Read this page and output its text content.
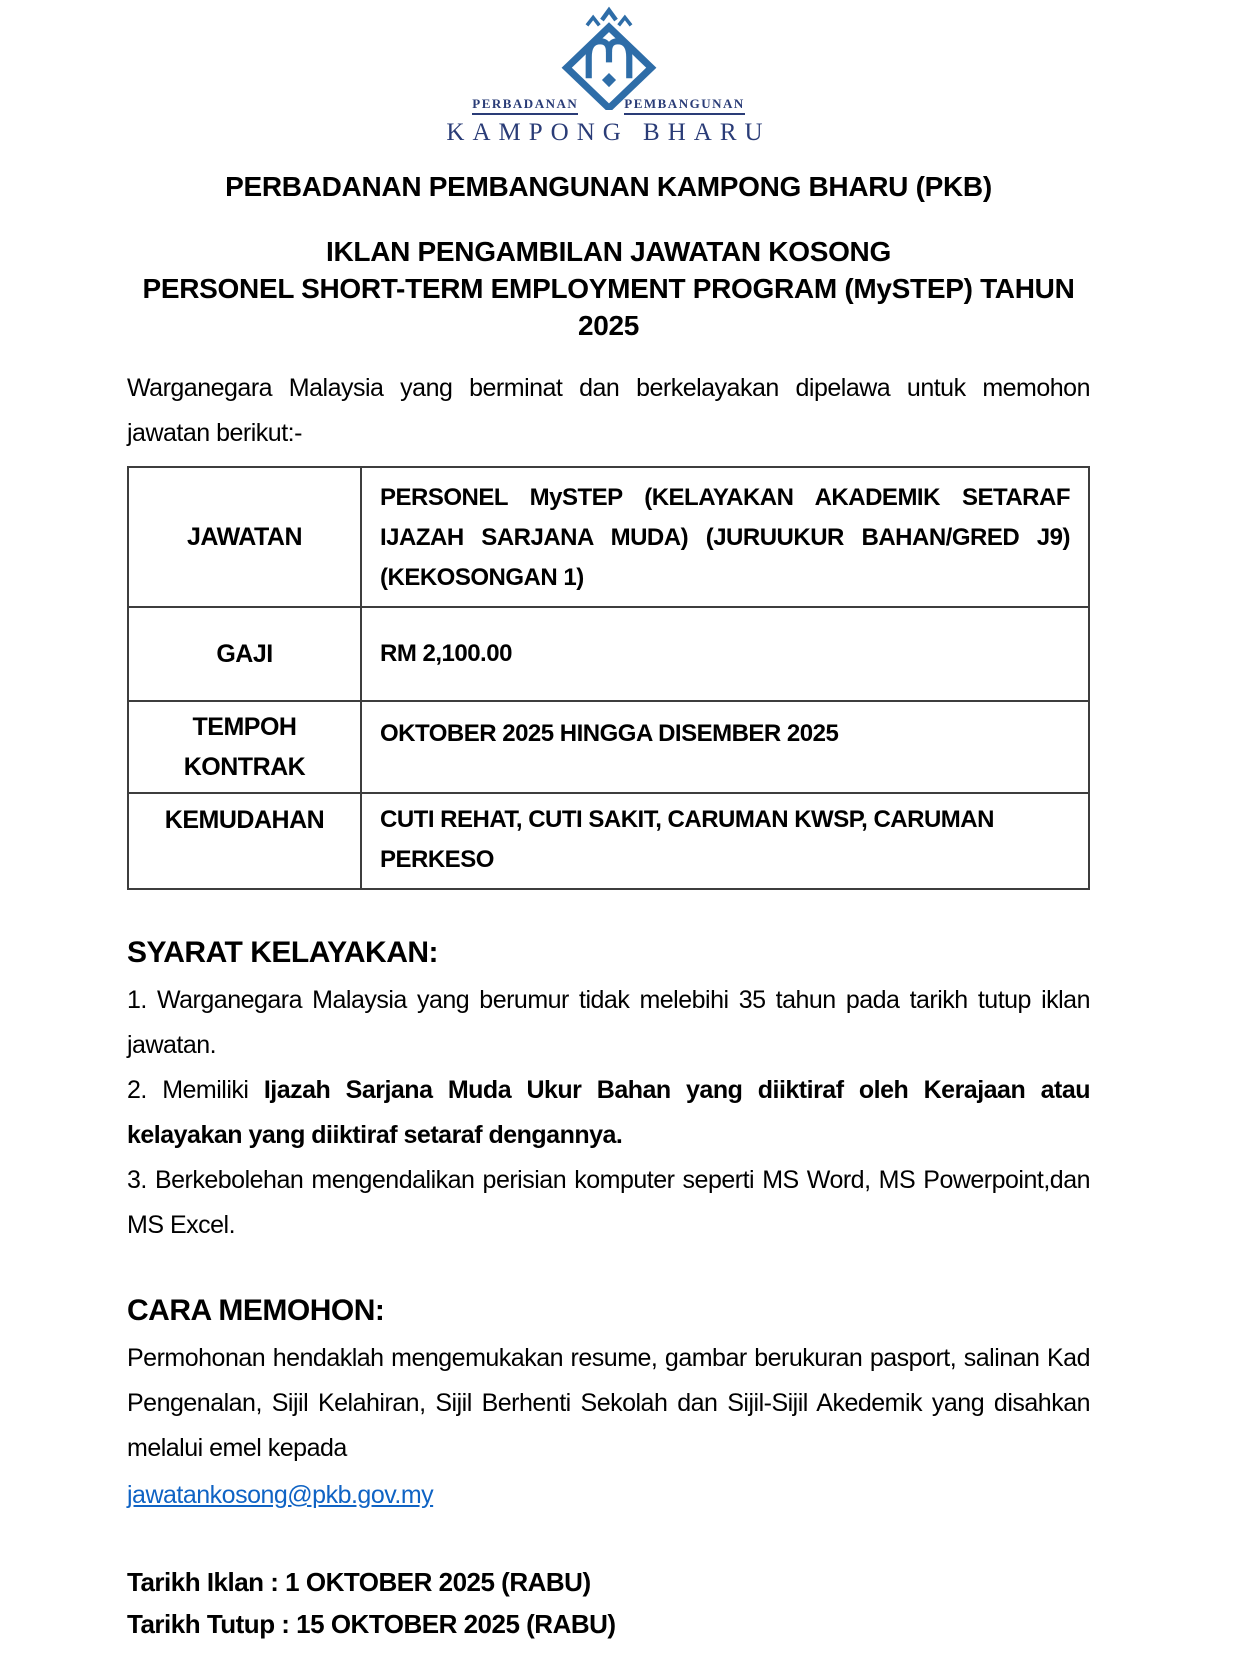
PERBADANAN	PEMBANGUNAN
KAMPONG BHARU
PERBADANAN PEMBANGUNAN KAMPONG BHARU (PKB)
IKLAN PENGAMBILAN JAWATAN KOSONG
PERSONEL SHORT-TERM EMPLOYMENT PROGRAM (MySTEP) TAHUN 2025

Warganegara Malaysia yang berminat dan berkelayakan dipelawa untuk memohon jawatan berikut:-

JAWATAN	PERSONEL MySTEP (KELAYAKAN AKADEMIK SETARAF IJAZAH SARJANA MUDA) (JURUUKUR BAHAN/GRED J9) (KEKOSONGAN 1)
GAJI	RM 2,100.00
TEMPOH KONTRAK	OKTOBER 2025 HINGGA DISEMBER 2025
KEMUDAHAN	CUTI REHAT, CUTI SAKIT, CARUMAN KWSP, CARUMAN PERKESO
SYARAT KELAYAKAN:

1. Warganegara Malaysia yang berumur tidak melebihi 35 tahun pada tarikh tutup iklan jawatan.

2. Memiliki Ijazah Sarjana Muda Ukur Bahan yang diiktiraf oleh Kerajaan atau kelayakan yang diiktiraf setaraf dengannya.

3. Berkebolehan mengendalikan perisian komputer seperti MS Word, MS Powerpoint,dan MS Excel.

CARA MEMOHON:

Permohonan hendaklah mengemukakan resume, gambar berukuran pasport, salinan Kad Pengenalan, Sijil Kelahiran, Sijil Berhenti Sekolah dan Sijil-Sijil Akedemik yang disahkan melalui emel kepada

jawatankosong@pkb.gov.my
Tarikh Iklan : 1 OKTOBER 2025 (RABU)
Tarikh Tutup : 15 OKTOBER 2025 (RABU)
